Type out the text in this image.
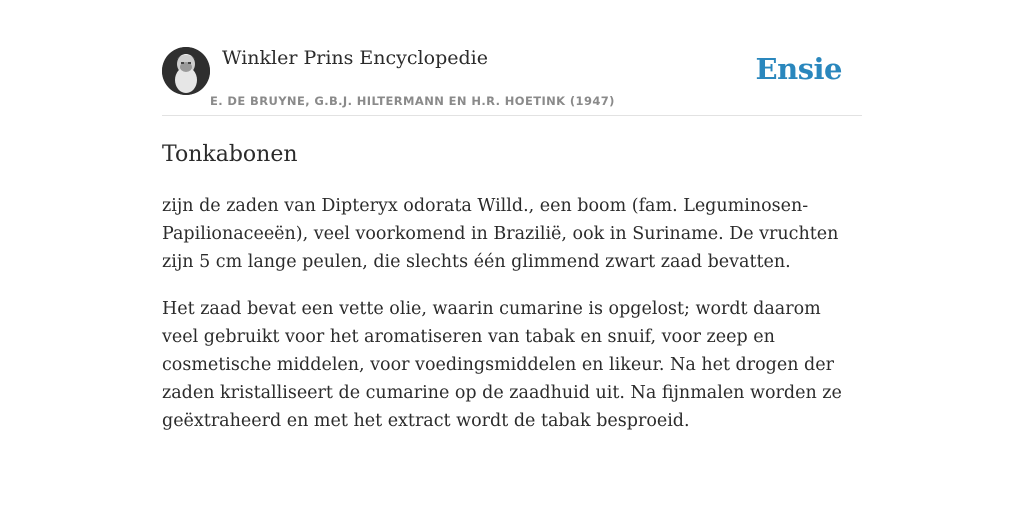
Winkler Prins Encyclopedie
E. DE BRUYNE, G.B.J. HILTERMANN EN H.R. HOETINK (1947)
Ensie
Tonkabonen

zijn de zaden van Dipteryx odorata Willd., een boom (fam. Leguminosen-Papilionaceeën), veel voorkomend in Brazilië, ook in Suriname. De vruchten zijn 5 cm lange peulen, die slechts één glimmend zwart zaad bevatten.

Het zaad bevat een vette olie, waarin cumarine is opgelost; wordt daarom veel gebruikt voor het aromatiseren van tabak en snuif, voor zeep en cosmetische middelen, voor voedingsmiddelen en likeur. Na het drogen der zaden kristalliseert de cumarine op de zaadhuid uit. Na fijnmalen worden ze geëxtraheerd en met het extract wordt de tabak besproeid.
